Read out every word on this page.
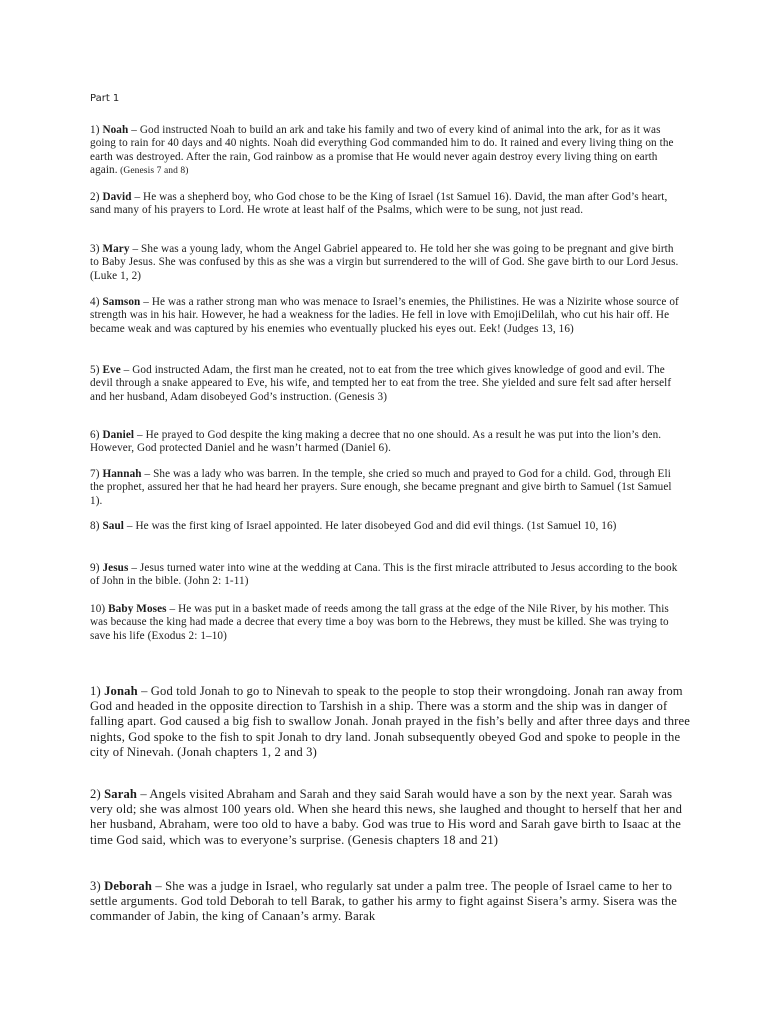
Part 1
1) Noah – God instructed Noah to build an ark and take his family and two of every kind of animal into the ark, for as it was going to rain for 40 days and 40 nights. Noah did everything God commanded him to do. It rained and every living thing on the earth was destroyed. After the rain, God rainbow as a promise that He would never again destroy every living thing on earth again. (Genesis 7 and 8)
2) David – He was a shepherd boy, who God chose to be the King of Israel (1st Samuel 16). David, the man after God’s heart, sand many of his prayers to Lord. He wrote at least half of the Psalms, which were to be sung, not just read.
3) Mary – She was a young lady, whom the Angel Gabriel appeared to. He told her she was going to be pregnant and give birth to Baby Jesus. She was confused by this as she was a virgin but surrendered to the will of God. She gave birth to our Lord Jesus. (Luke 1, 2)
4) Samson – He was a rather strong man who was menace to Israel’s enemies, the Philistines. He was a Nizirite whose source of strength was in his hair. However, he had a weakness for the ladies. He fell in love with EmojiDelilah, who cut his hair off. He became weak and was captured by his enemies who eventually plucked his eyes out. Eek! (Judges 13, 16)
5) Eve – God instructed Adam, the first man he created, not to eat from the tree which gives knowledge of good and evil. The devil through a snake appeared to Eve, his wife, and tempted her to eat from the tree. She yielded and sure felt sad after herself and her husband, Adam disobeyed God’s instruction. (Genesis 3)
6) Daniel – He prayed to God despite the king making a decree that no one should. As a result he was put into the lion’s den. However, God protected Daniel and he wasn’t harmed (Daniel 6).
7) Hannah – She was a lady who was barren. In the temple, she cried so much and prayed to God for a child. God, through Eli the prophet, assured her that he had heard her prayers. Sure enough, she became pregnant and give birth to Samuel (1st Samuel 1).
8) Saul – He was the first king of Israel appointed. He later disobeyed God and did evil things. (1st Samuel 10, 16)
9) Jesus – Jesus turned water into wine at the wedding at Cana. This is the first miracle attributed to Jesus according to the book of John in the bible. (John 2: 1-11)
10) Baby Moses – He was put in a basket made of reeds among the tall grass at the edge of the Nile River, by his mother. This was because the king had made a decree that every time a boy was born to the Hebrews, they must be killed. She was trying to save his life (Exodus 2: 1–10)
1) Jonah – God told Jonah to go to Ninevah to speak to the people to stop their wrongdoing. Jonah ran away from God and headed in the opposite direction to Tarshish in a ship. There was a storm and the ship was in danger of falling apart. God caused a big fish to swallow Jonah. Jonah prayed in the fish’s belly and after three days and three nights, God spoke to the fish to spit Jonah to dry land. Jonah subsequently obeyed God and spoke to people in the city of Ninevah. (Jonah chapters 1, 2 and 3)
2) Sarah – Angels visited Abraham and Sarah and they said Sarah would have a son by the next year. Sarah was very old; she was almost 100 years old. When she heard this news, she laughed and thought to herself that her and her husband, Abraham, were too old to have a baby. God was true to His word and Sarah gave birth to Isaac at the time God said, which was to everyone’s surprise. (Genesis chapters 18 and 21)
3) Deborah – She was a judge in Israel, who regularly sat under a palm tree. The people of Israel came to her to settle arguments. God told Deborah to tell Barak, to gather his army to fight against Sisera’s army. Sisera was the commander of Jabin, the king of Canaan’s army. Barak
